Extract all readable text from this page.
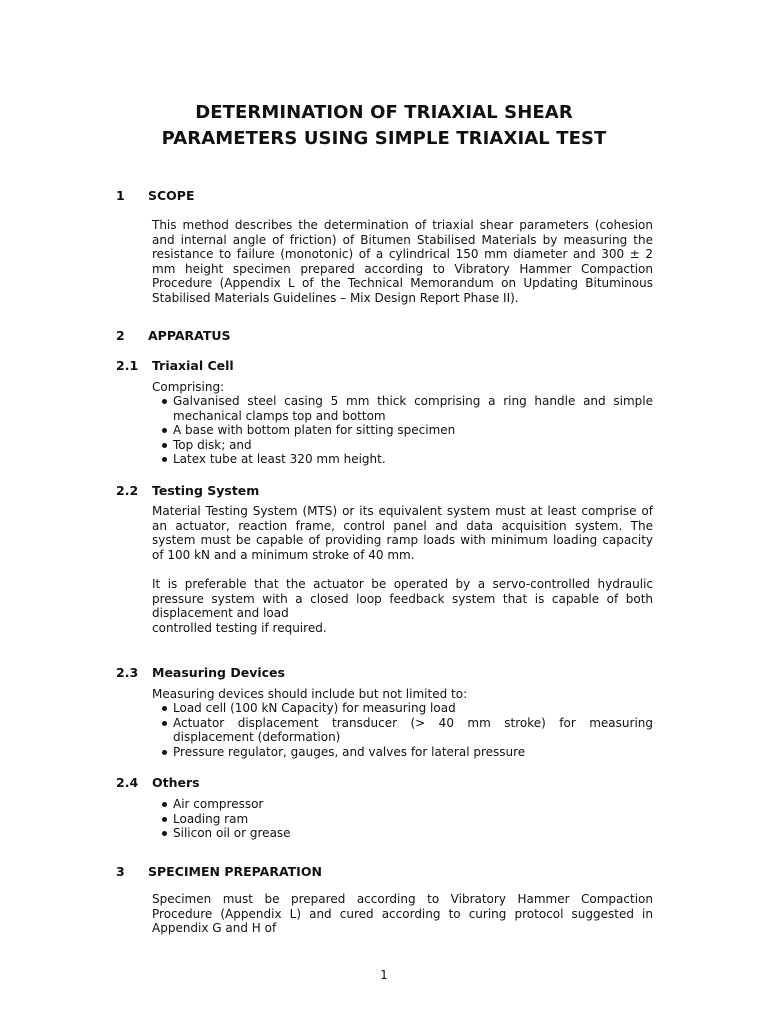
DETERMINATION OF TRIAXIAL SHEAR
PARAMETERS USING SIMPLE TRIAXIAL TEST
1 SCOPE
This method describes the determination of triaxial shear parameters (cohesion and internal angle of friction) of Bitumen Stabilised Materials by measuring the resistance to failure (monotonic) of a cylindrical 150 mm diameter and 300 ± 2 mm height specimen prepared according to Vibratory Hammer Compaction Procedure (Appendix L of the Technical Memorandum on Updating Bituminous Stabilised Materials Guidelines – Mix Design Report Phase II).
2 APPARATUS
2.1 Triaxial Cell
Comprising:
Galvanised steel casing 5 mm thick comprising a ring handle and simple mechanical clamps top and bottom
A base with bottom platen for sitting specimen
Top disk; and
Latex tube at least 320 mm height.
2.2 Testing System
Material Testing System (MTS) or its equivalent system must at least comprise of an actuator, reaction frame, control panel and data acquisition system. The system must be capable of providing ramp loads with minimum loading capacity of 100 kN and a minimum stroke of 40 mm.
It is preferable that the actuator be operated by a servo-controlled hydraulic pressure system with a closed loop feedback system that is capable of both displacement and load
controlled testing if required.
2.3 Measuring Devices
Measuring devices should include but not limited to:
Load cell (100 kN Capacity) for measuring load
Actuator displacement transducer (> 40 mm stroke) for measuring displacement (deformation)
Pressure regulator, gauges, and valves for lateral pressure
2.4 Others
Air compressor
Loading ram
Silicon oil or grease
3 SPECIMEN PREPARATION
Specimen must be prepared according to Vibratory Hammer Compaction Procedure (Appendix L) and cured according to curing protocol suggested in Appendix G and H of
1
